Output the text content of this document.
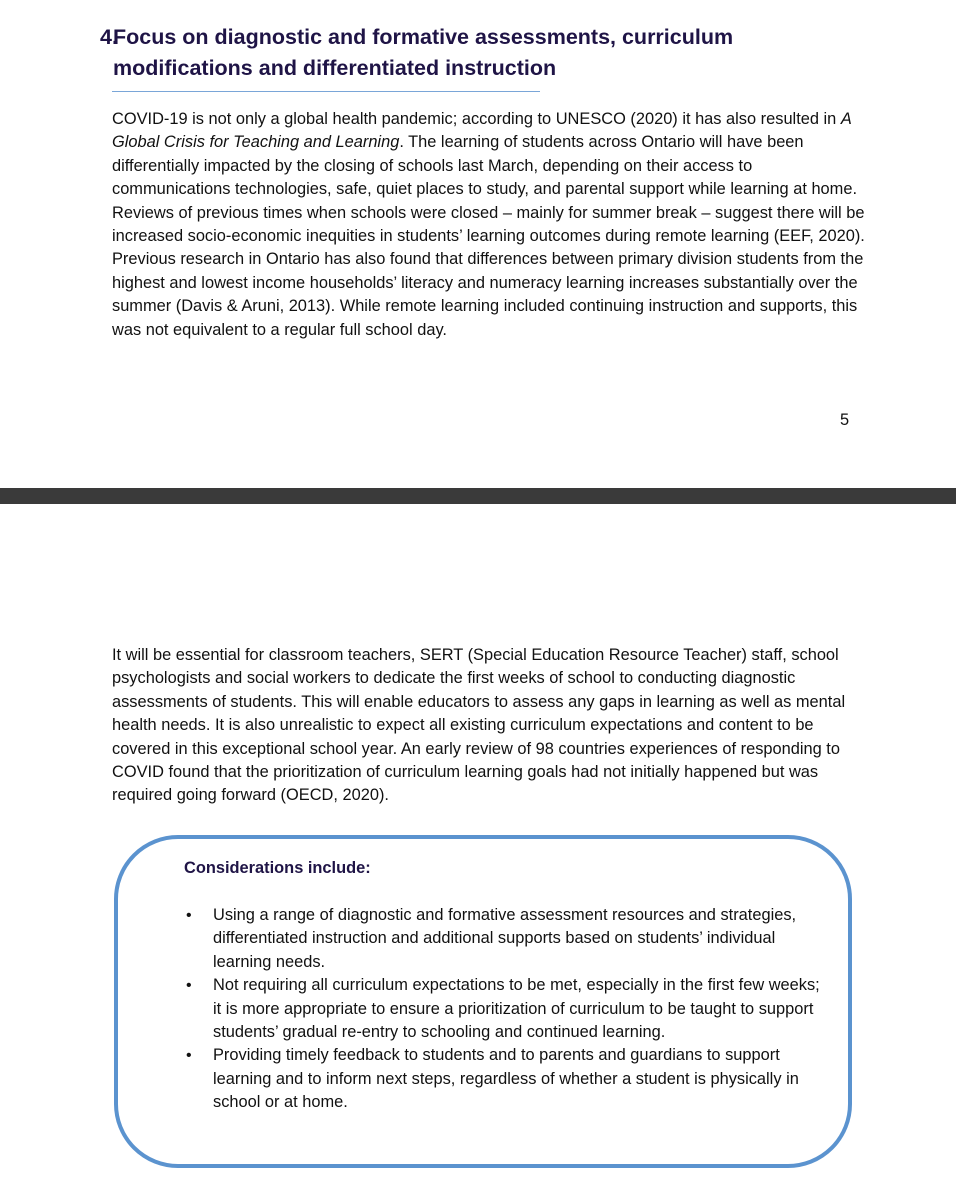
4.Focus on diagnostic and formative assessments, curriculum
modifications and differentiated instruction

COVID-19 is not only a global health pandemic; according to UNESCO (2020) it has also resulted in A Global Crisis for Teaching and Learning. The learning of students across Ontario will have been differentially impacted by the closing of schools last March, depending on their access to communications technologies, safe, quiet places to study, and parental support while learning at home. Reviews of previous times when schools were closed – mainly for summer break – suggest there will be increased socio-economic inequities in students’ learning outcomes during remote learning (EEF, 2020). Previous research in Ontario has also found that differences between primary division students from the highest and lowest income households’ literacy and numeracy learning increases substantially over the summer (Davis & Aruni, 2013). While remote learning included continuing instruction and supports, this was not equivalent to a regular full school day.

5

It will be essential for classroom teachers, SERT (Special Education Resource Teacher) staff, school psychologists and social workers to dedicate the first weeks of school to conducting diagnostic assessments of students. This will enable educators to assess any gaps in learning as well as mental health needs. It is also unrealistic to expect all existing curriculum expectations and content to be covered in this exceptional school year. An early review of 98 countries experiences of responding to COVID found that the prioritization of curriculum learning goals had not initially happened but was required going forward (OECD, 2020).

Considerations include:

• Using a range of diagnostic and formative assessment resources and strategies, differentiated instruction and additional supports based on students’ individual learning needs.
• Not requiring all curriculum expectations to be met, especially in the first few weeks; it is more appropriate to ensure a prioritization of curriculum to be taught to support students’ gradual re-entry to schooling and continued learning.
• Providing timely feedback to students and to parents and guardians to support learning and to inform next steps, regardless of whether a student is physically in school or at home.
